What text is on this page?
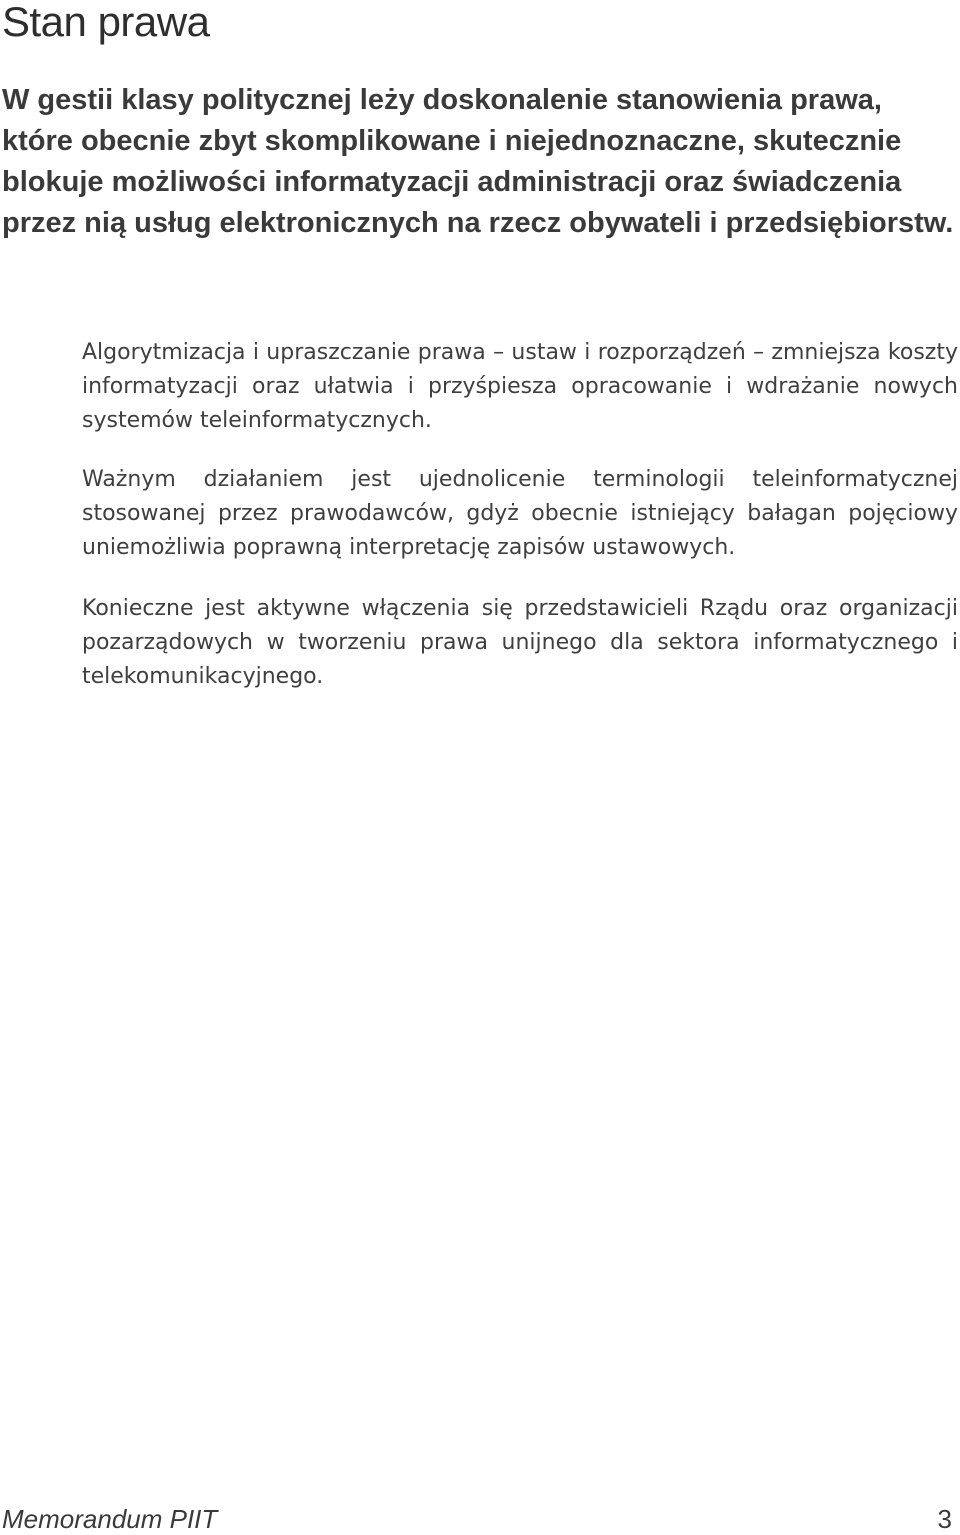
Stan prawa

W gestii klasy politycznej leży doskonalenie stanowienia prawa, które obecnie zbyt skomplikowane i niejednoznaczne, skutecznie blokuje możliwości informatyzacji administracji oraz świadczenia przez nią usług elektronicznych na rzecz obywateli i przedsiębiorstw.

Algorytmizacja i upraszczanie prawa – ustaw i rozporządzeń – zmniejsza koszty informatyzacji oraz ułatwia i przyśpiesza opracowanie i wdrażanie nowych systemów teleinformatycznych.

Ważnym działaniem jest ujednolicenie terminologii teleinformatycznej stosowanej przez prawodawców, gdyż obecnie istniejący bałagan pojęciowy uniemożliwia poprawną interpretację zapisów ustawowych.

Konieczne jest aktywne włączenia się przedstawicieli Rządu oraz organizacji pozarządowych w tworzeniu prawa unijnego dla sektora informatycznego i telekomunikacyjnego.

Memorandum PIIT	3
